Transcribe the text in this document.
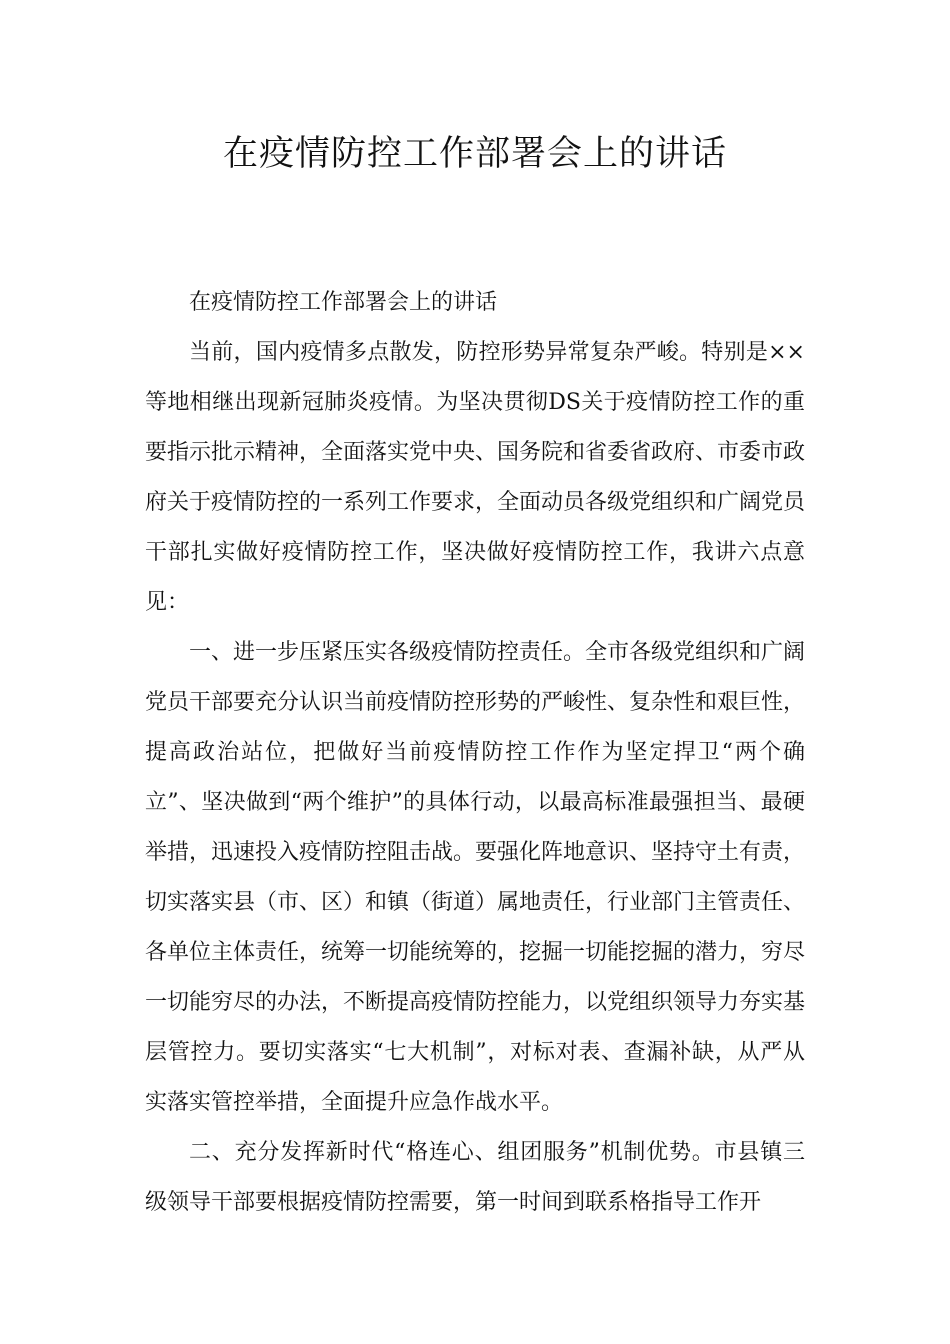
在疫情防控工作部署会上的讲话

在疫情防控工作部署会上的讲话

当前，国内疫情多点散发，防控形势异常复杂严峻。特别是××等地相继出现新冠肺炎疫情。为坚决贯彻DS关于疫情防控工作的重要指示批示精神，全面落实党中央、国务院和省委省政府、市委市政府关于疫情防控的一系列工作要求，全面动员各级党组织和广阔党员干部扎实做好疫情防控工作，坚决做好疫情防控工作，我讲六点意见：

一、进一步压紧压实各级疫情防控责任。全市各级党组织和广阔党员干部要充分认识当前疫情防控形势的严峻性、复杂性和艰巨性，提高政治站位，把做好当前疫情防控工作作为坚定捍卫“两个确立”、坚决做到“两个维护”的具体行动，以最高标准最强担当、最硬举措，迅速投入疫情防控阻击战。要强化阵地意识、坚持守土有责，切实落实县（市、区）和镇（街道）属地责任，行业部门主管责任、各单位主体责任，统筹一切能统筹的，挖掘一切能挖掘的潜力，穷尽一切能穷尽的办法，不断提高疫情防控能力，以党组织领导力夯实基层管控力。要切实落实“七大机制”，对标对表、查漏补缺，从严从实落实管控举措，全面提升应急作战水平。

二、充分发挥新时代“格连心、组团服务”机制优势。市县镇三级领导干部要根据疫情防控需要，第一时间到联系格指导工作开
